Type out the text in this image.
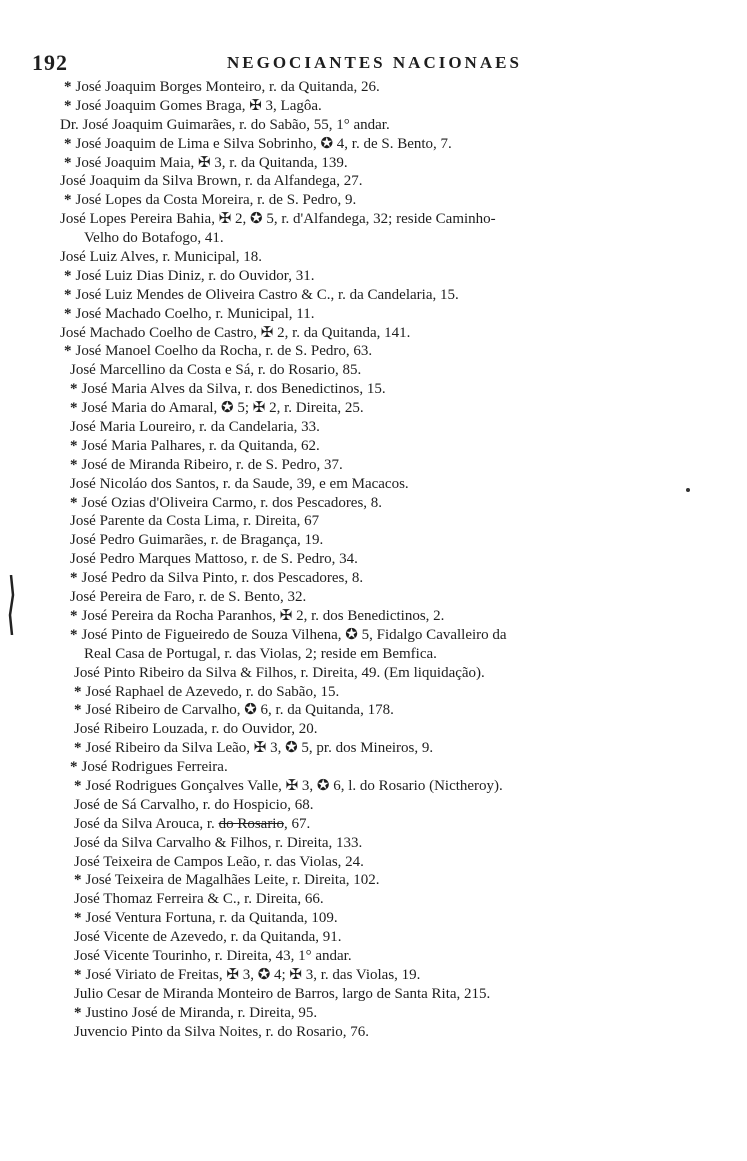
192	NEGOCIANTES NACIONAES
* José Joaquim Borges Monteiro, r. da Quitanda, 26.
* José Joaquim Gomes Braga, ✠ 3, Lagôa.
Dr. José Joaquim Guimarães, r. do Sabão, 55, 1° andar.
* José Joaquim de Lima e Silva Sobrinho, ✪ 4, r. de S. Bento, 7.
* José Joaquim Maia, ✠ 3, r. da Quitanda, 139.
José Joaquim da Silva Brown, r. da Alfandega, 27.
* José Lopes da Costa Moreira, r. de S. Pedro, 9.
José Lopes Pereira Bahia, ✠ 2, ✪ 5, r. d'Alfandega, 32; reside Caminho-
Velho do Botafogo, 41.
José Luiz Alves, r. Municipal, 18.
* José Luiz Dias Diniz, r. do Ouvidor, 31.
* José Luiz Mendes de Oliveira Castro & C., r. da Candelaria, 15.
* José Machado Coelho, r. Municipal, 11.
José Machado Coelho de Castro, ✠ 2, r. da Quitanda, 141.
* José Manoel Coelho da Rocha, r. de S. Pedro, 63.
José Marcellino da Costa e Sá, r. do Rosario, 85.
* José Maria Alves da Silva, r. dos Benedictinos, 15.
* José Maria do Amaral, ✪ 5; ✠ 2, r. Direita, 25.
José Maria Loureiro, r. da Candelaria, 33.
* José Maria Palhares, r. da Quitanda, 62.
* José de Miranda Ribeiro, r. de S. Pedro, 37.
José Nicoláo dos Santos, r. da Saude, 39, e em Macacos.
* José Ozias d'Oliveira Carmo, r. dos Pescadores, 8.
José Parente da Costa Lima, r. Direita, 67
José Pedro Guimarães, r. de Bragança, 19.
José Pedro Marques Mattoso, r. de S. Pedro, 34.
* José Pedro da Silva Pinto, r. dos Pescadores, 8.
José Pereira de Faro, r. de S. Bento, 32.
* José Pereira da Rocha Paranhos, ✠ 2, r. dos Benedictinos, 2.
* José Pinto de Figueiredo de Souza Vilhena, ✪ 5, Fidalgo Cavalleiro da
Real Casa de Portugal, r. das Violas, 2; reside em Bemfica.
José Pinto Ribeiro da Silva & Filhos, r. Direita, 49. (Em liquidação).
* José Raphael de Azevedo, r. do Sabão, 15.
* José Ribeiro de Carvalho, ✪ 6, r. da Quitanda, 178.
José Ribeiro Louzada, r. do Ouvidor, 20.
* José Ribeiro da Silva Leão, ✠ 3, ✪ 5, pr. dos Mineiros, 9.
* José Rodrigues Ferreira.
* José Rodrigues Gonçalves Valle, ✠ 3, ✪ 6, l. do Rosario (Nictheroy).
José de Sá Carvalho, r. do Hospicio, 68.
José da Silva Arouca, r. do Rosario, 67.
José da Silva Carvalho & Filhos, r. Direita, 133.
José Teixeira de Campos Leão, r. das Violas, 24.
* José Teixeira de Magalhães Leite, r. Direita, 102.
José Thomaz Ferreira & C., r. Direita, 66.
* José Ventura Fortuna, r. da Quitanda, 109.
José Vicente de Azevedo, r. da Quitanda, 91.
José Vicente Tourinho, r. Direita, 43, 1° andar.
* José Viriato de Freitas, ✠ 3, ✪ 4; ✠ 3, r. das Violas, 19.
Julio Cesar de Miranda Monteiro de Barros, largo de Santa Rita, 215.
* Justino José de Miranda, r. Direita, 95.
Juvencio Pinto da Silva Noites, r. do Rosario, 76.
